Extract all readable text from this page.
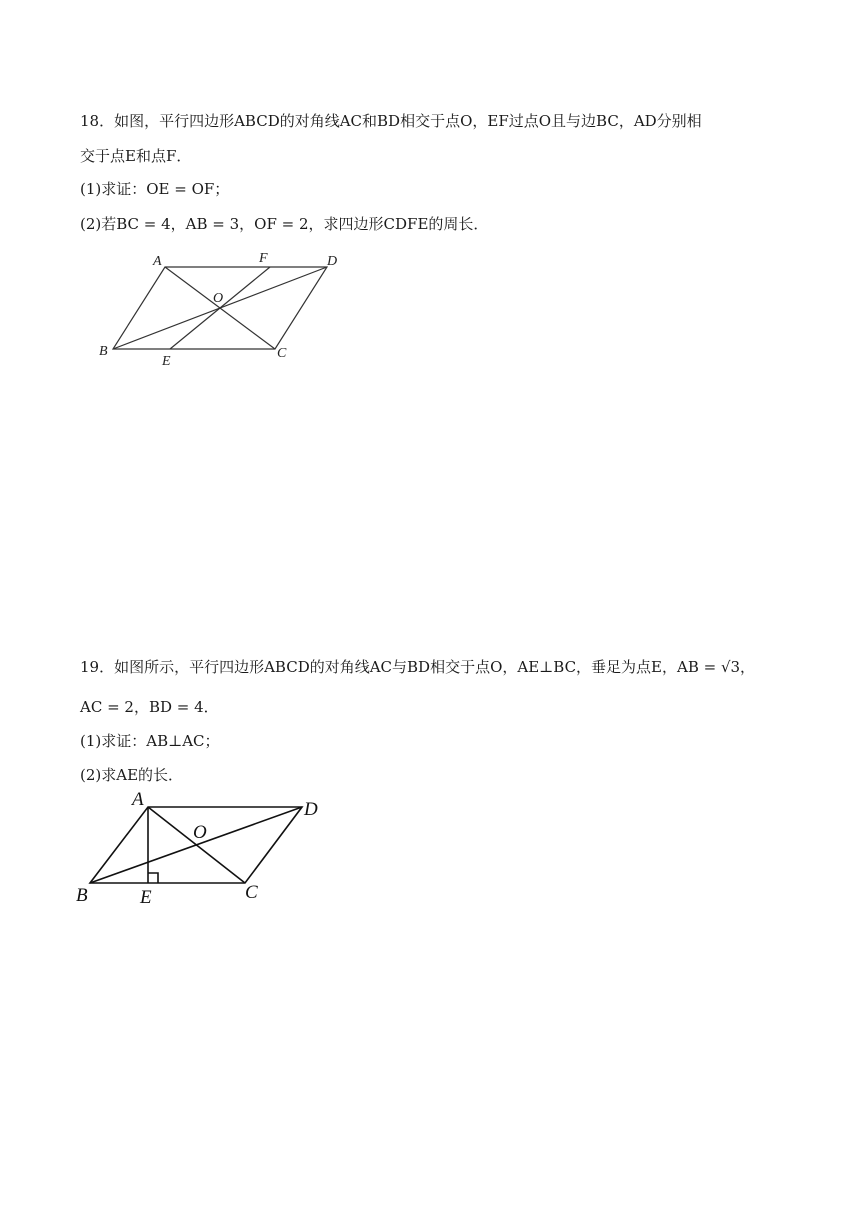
18．如图，平行四边形ABCD的对角线AC和BD相交于点O，EF过点O且与边BC，AD分别相
交于点E和点F．
(1)求证：OE = OF；
(2)若BC = 4，AB = 3，OF = 2，求四边形CDFE的周长．
A	F	D
O
B
E
C
19．如图所示，平行四边形ABCD的对角线AC与BD相交于点O，AE⊥BC，垂足为点E，AB = √3，
AC = 2，BD = 4．
(1)求证：AB⊥AC；
(2)求AE的长．
A
O
D
B	E	C
